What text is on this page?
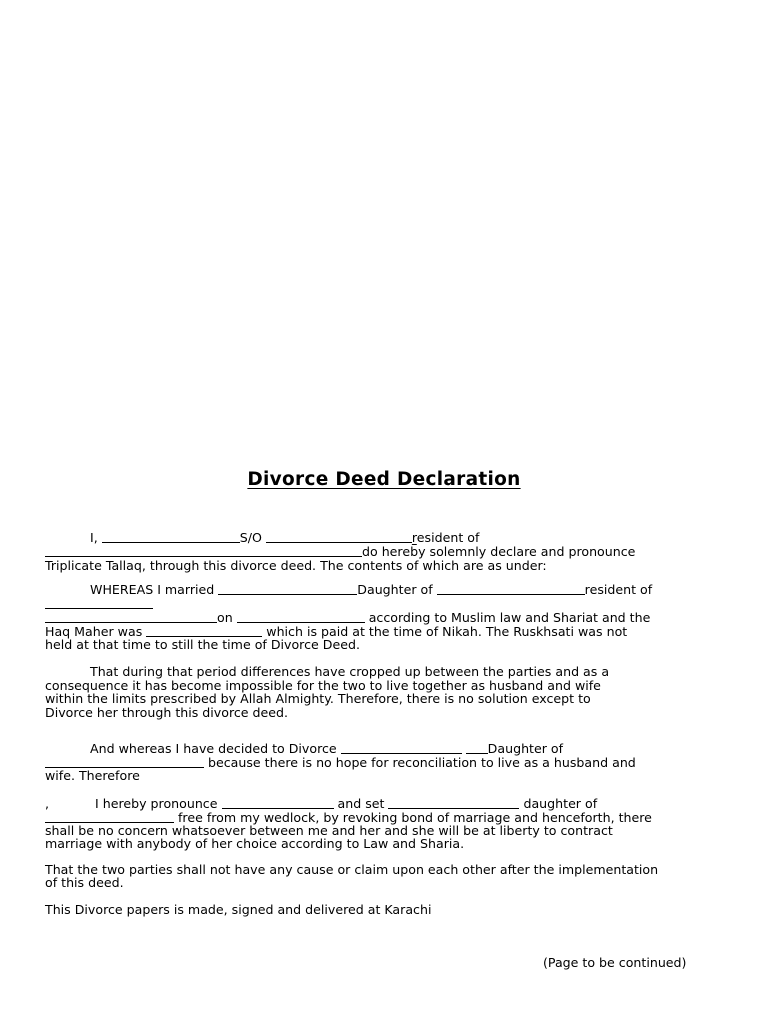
Divorce Deed Declaration
I,	S/O	resident of
do hereby solemnly declare and pronounce
Triplicate Tallaq, through this divorce deed. The contents of which are as under:
WHEREAS I married	Daughter of	resident of
on	according to Muslim law and Shariat and the
Haq Maher was	which is paid at the time of Nikah. The Ruskhsati was not
held at that time to still the time of Divorce Deed.
That during that period differences have cropped up between the parties and as a
consequence it has become impossible for the two to live together as husband and wife
within the limits prescribed by Allah Almighty. Therefore, there is no solution except to
Divorce her through this divorce deed.
And whereas I have decided to Divorce	Daughter of
because there is no hope for reconciliation to live as a husband and
wife. Therefore
,	I hereby pronounce	and set	daughter of
free from my wedlock, by revoking bond of marriage and henceforth, there
shall be no concern whatsoever between me and her and she will be at liberty to contract
marriage with anybody of her choice according to Law and Sharia.
That the two parties shall not have any cause or claim upon each other after the implementation
of this deed.
This Divorce papers is made, signed and delivered at Karachi
(Page to be continued)
